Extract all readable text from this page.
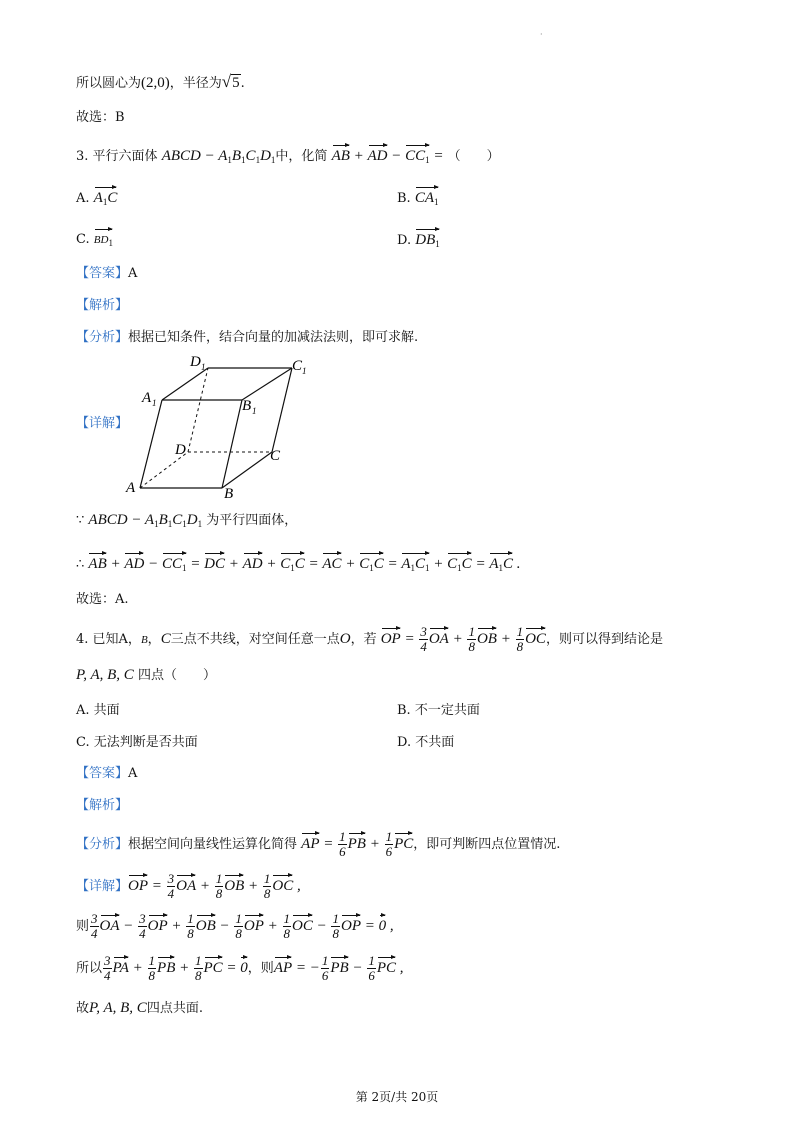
·
所以圆心为(2,0)，半径为√5.
故选：B
3. 平行六面体 ABCD − $A_1B_1C_1D_1$中，化简 AB + AD − $CC_1$ = （　　）
A. $A_1C$	B. $CA_1$
C. $BD_1$	D. $DB_1$
【答案】A
【解析】
【分析】根据已知条件，结合向量的加减法法则，即可求解.
【详解】
A	B
C
D
A 1	B 1
C 1
D 1
∵ ABCD − $A_1B_1C_1D_1$ 为平行四面体，
∴ AB + AD − $CC_1$ = DC + AD + $C_1C$ = AC + $C_1C = A_1C_1 + C_1C = A_1C$ .
故选：A.
4. 已知A，B，C三点不共线，对空间任意一点O，若 OP = $\frac{3}{4}$ OA + $\frac{1}{8}$ OB + $\frac{1}{8}$ OC，则可以得到结论是
P, A, B, C 四点（　　）
A. 共面	B. 不一定共面
C. 无法判断是否共面	D. 不共面
【答案】A
【解析】
【分析】根据空间向量线性运算化简得 AP = $\frac{1}{6}$ PB + $\frac{1}{6}$ PC，即可判断四点位置情况.
【详解】OP = $\frac{3}{4}$ OA + $\frac{1}{8}$ OB + $\frac{1}{8}$ OC ,
则 $\frac{3}{4}$ OA − $\frac{3}{4}$ OP + $\frac{1}{8}$ OB − $\frac{1}{8}$ OP + $\frac{1}{8}$ OC − $\frac{1}{8}$ OP = 0 ,
所以 $\frac{3}{4}$ PA + $\frac{1}{8}$ PB + $\frac{1}{8}$ PC = 0，则AP = − $\frac{1}{6}$ PB − $\frac{1}{6}$ PC ,
故P, A, B, C四点共面.
第 2页/共 20页
